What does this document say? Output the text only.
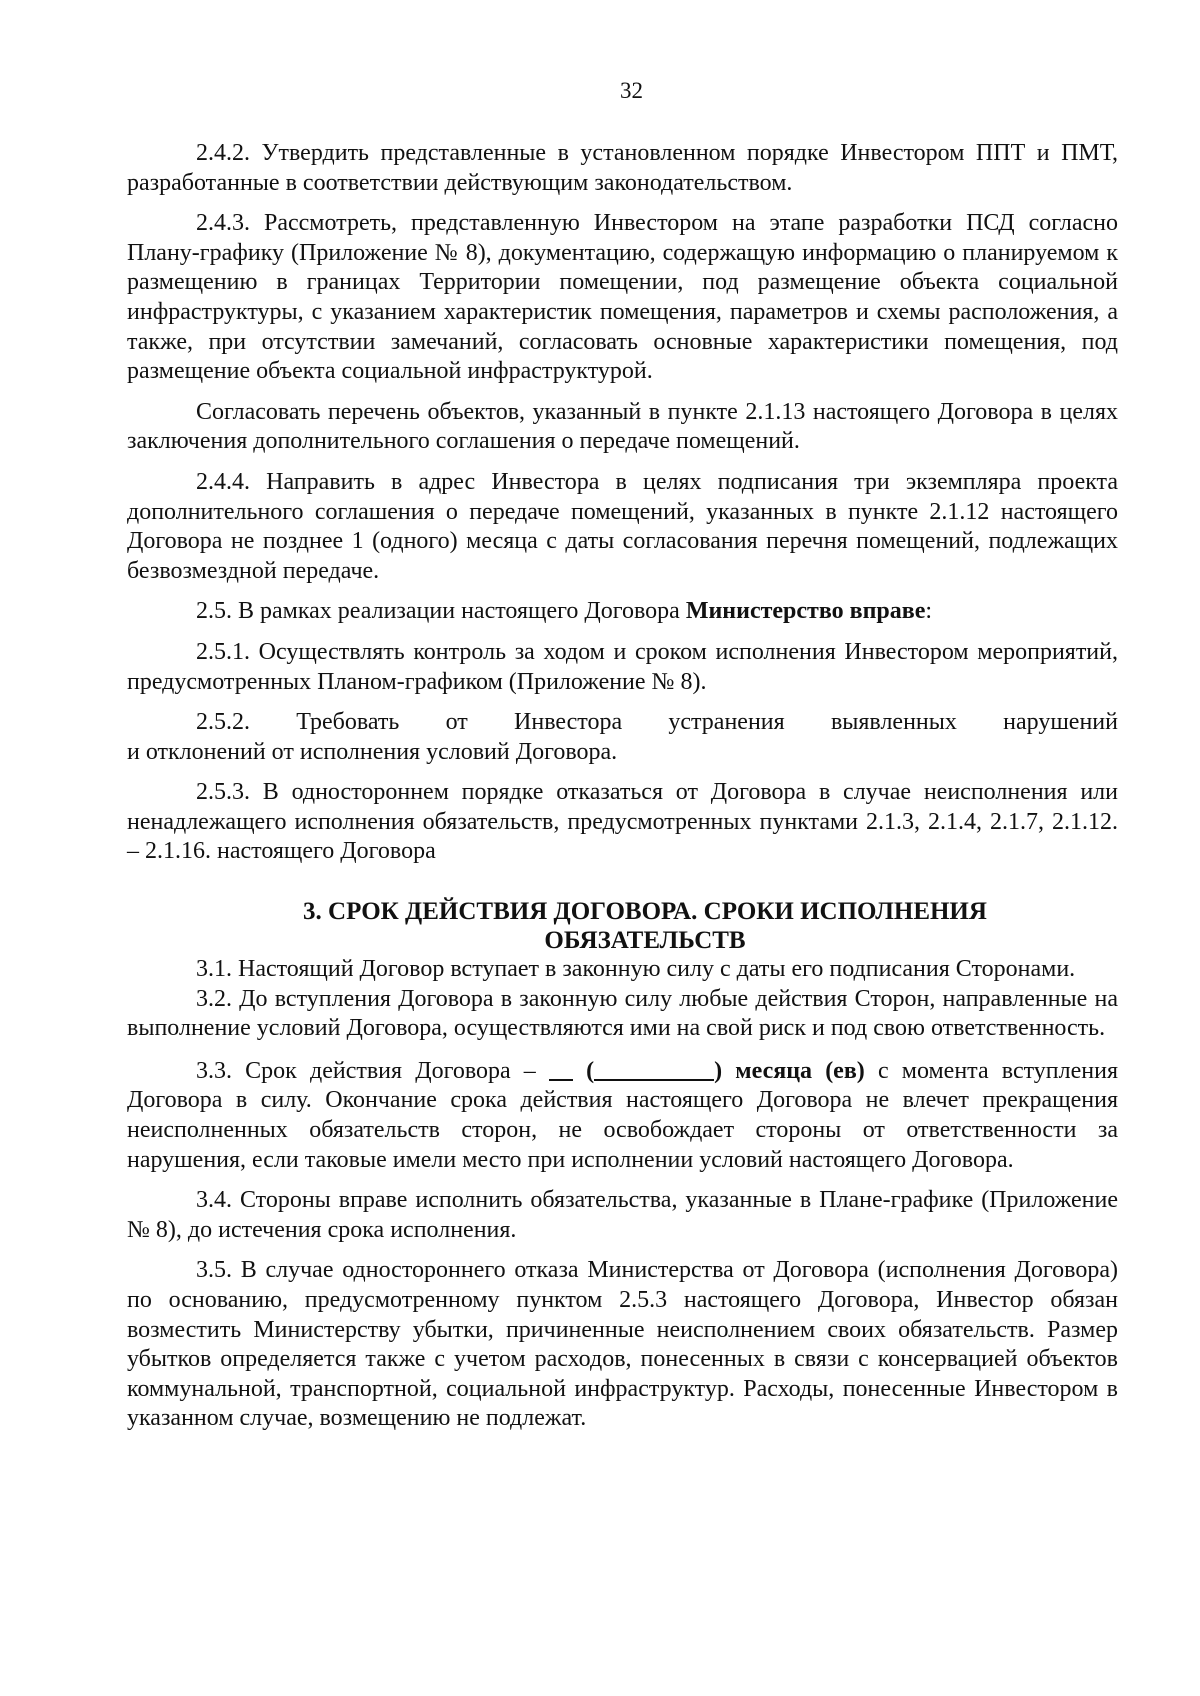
32

2.4.2. Утвердить представленные в установленном порядке Инвестором ППТ и ПМТ, разработанные в соответствии действующим законодательством.

2.4.3. Рассмотреть, представленную Инвестором на этапе разработки ПСД согласно Плану-графику (Приложение № 8), документацию, содержащую информацию о планируемом к размещению в границах Территории помещении, под размещение объекта социальной инфраструктуры, с указанием характеристик помещения, параметров и схемы расположения, а также, при отсутствии замечаний, согласовать основные характеристики помещения, под размещение объекта социальной инфраструктурой.

Согласовать перечень объектов, указанный в пункте 2.1.13 настоящего Договора в целях заключения дополнительного соглашения о передаче помещений.

2.4.4. Направить в адрес Инвестора в целях подписания три экземпляра проекта дополнительного соглашения о передаче помещений, указанных в пункте 2.1.12 настоящего Договора не позднее 1 (одного) месяца с даты согласования перечня помещений, подлежащих безвозмездной передаче.

2.5. В рамках реализации настоящего Договора Министерство вправе:

2.5.1. Осуществлять контроль за ходом и сроком исполнения Инвестором мероприятий, предусмотренных Планом-графиком (Приложение № 8).

2.5.2. Требовать от Инвестора устранения выявленных нарушений

и отклонений от исполнения условий Договора.

2.5.3. В одностороннем порядке отказаться от Договора в случае неисполнения или ненадлежащего исполнения обязательств, предусмотренных пунктами 2.1.3, 2.1.4, 2.1.7, 2.1.12. – 2.1.16. настоящего Договора

3. СРОК ДЕЙСТВИЯ ДОГОВОРА. СРОКИ ИСПОЛНЕНИЯ
ОБЯЗАТЕЛЬСТВ

3.1. Настоящий Договор вступает в законную силу с даты его подписания Сторонами.

3.2. До вступления Договора в законную силу любые действия Сторон, направленные на выполнение условий Договора, осуществляются ими на свой риск и под свою ответственность.

3.3. Срок действия Договора –  (	) месяца (ев) с момента вступления Договора в силу. Окончание срока действия настоящего Договора не влечет прекращения неисполненных обязательств сторон, не освобождает стороны от ответственности за нарушения, если таковые имели место при исполнении условий настоящего Договора.

3.4. Стороны вправе исполнить обязательства, указанные в Плане-графике (Приложение № 8), до истечения срока исполнения.

3.5. В случае одностороннего отказа Министерства от Договора (исполнения Договора) по основанию, предусмотренному пунктом 2.5.3 настоящего Договора, Инвестор обязан возместить Министерству убытки, причиненные неисполнением своих обязательств. Размер убытков определяется также с учетом расходов, понесенных в связи с консервацией объектов коммунальной, транспортной, социальной инфраструктур. Расходы, понесенные Инвестором в указанном случае, возмещению не подлежат.
